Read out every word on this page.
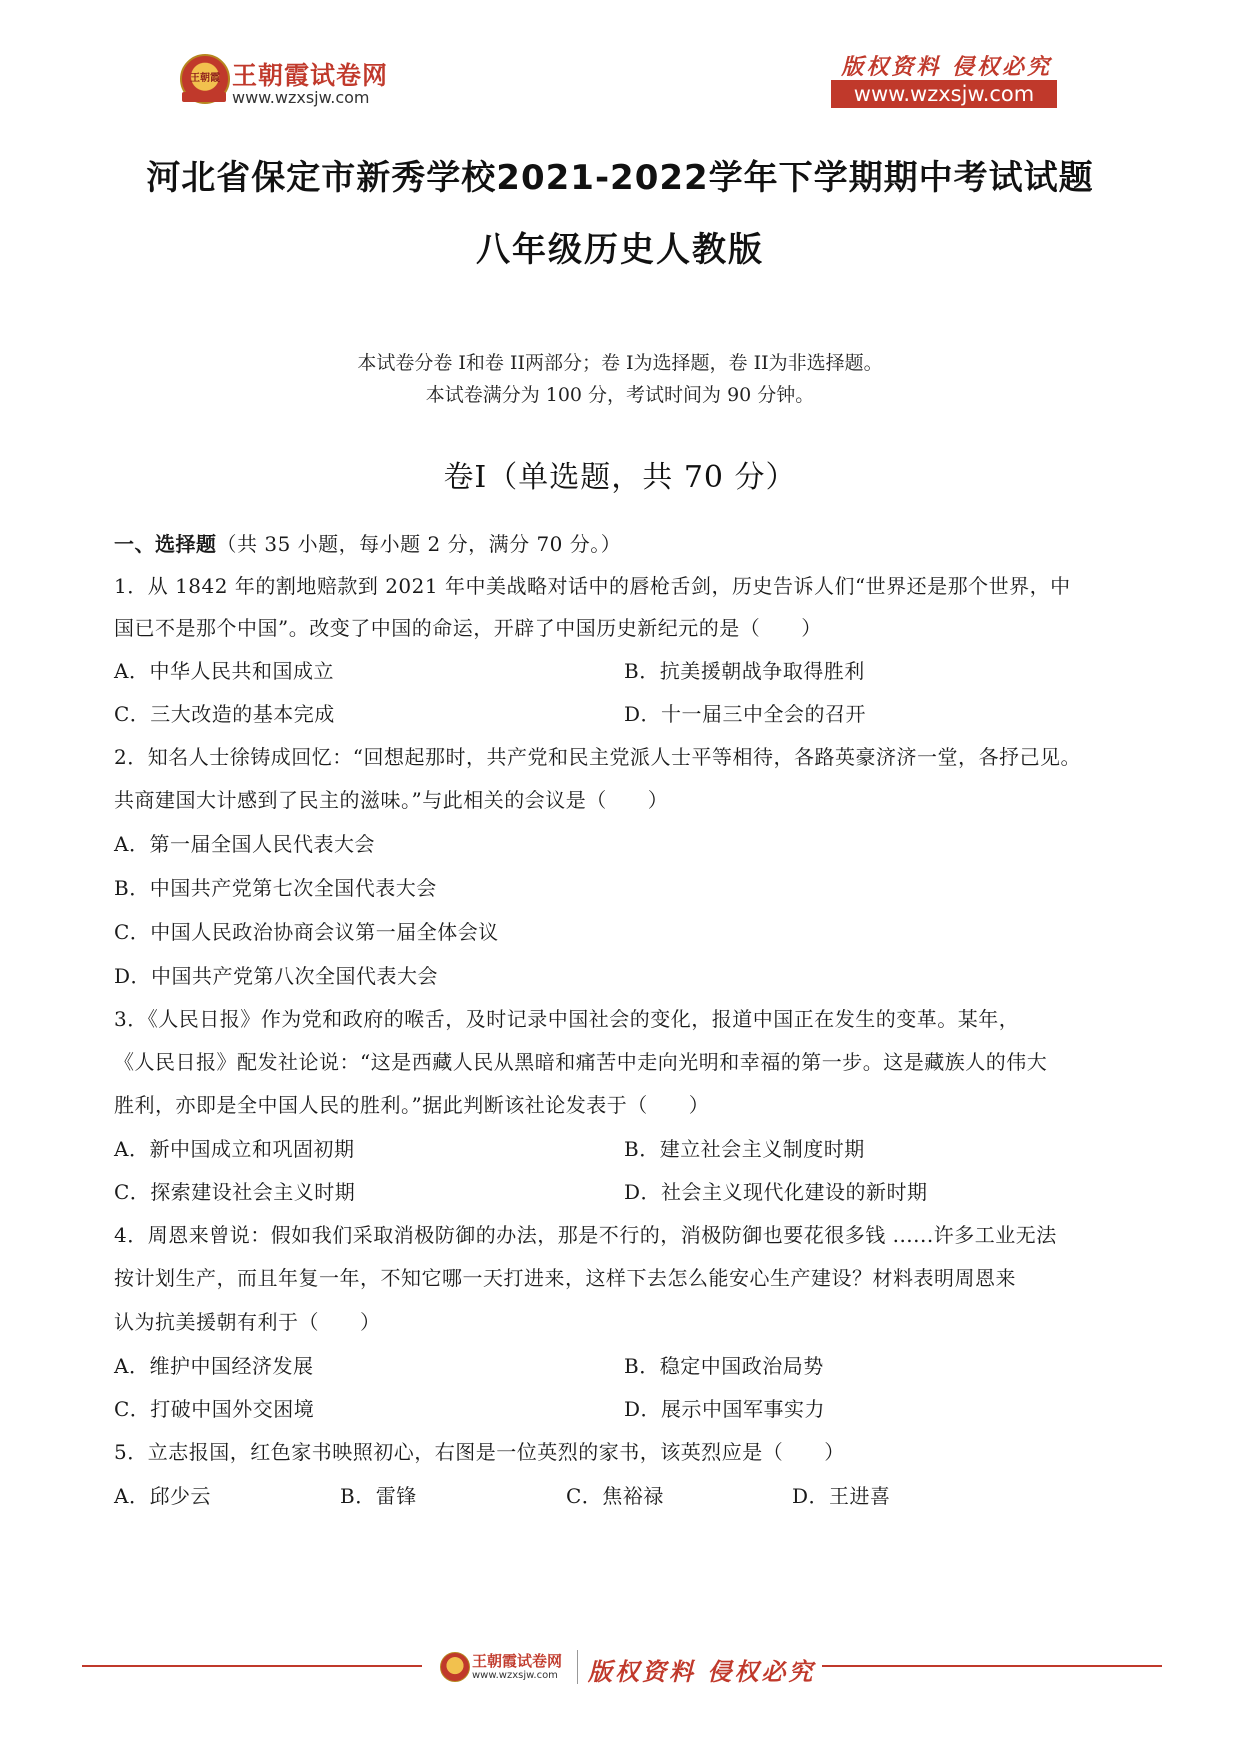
王朝霞 王朝霞试卷网
www.wzxsjw.com
版权资料 侵权必究
www.wzxsjw.com
河北省保定市新秀学校2021-2022学年下学期期中考试试题
八年级历史人教版
本试卷分卷 I和卷 II两部分；卷 I为选择题，卷 II为非选择题。
本试卷满分为 100 分，考试时间为 90 分钟。
卷Ⅰ（单选题，共 70 分）
一、选择题（共 35 小题，每小题 2 分，满分 70 分。）
1．从 1842 年的割地赔款到 2021 年中美战略对话中的唇枪舌剑，历史告诉人们“世界还是那个世界，中
国已不是那个中国”。改变了中国的命运，开辟了中国历史新纪元的是（　　）
A．中华人民共和国成立	B．抗美援朝战争取得胜利
C．三大改造的基本完成	D．十一届三中全会的召开
2．知名人士徐铸成回忆：“回想起那时，共产党和民主党派人士平等相待，各路英豪济济一堂，各抒己见。
共商建国大计感到了民主的滋味。”与此相关的会议是（　　）
A．第一届全国人民代表大会
B．中国共产党第七次全国代表大会
C．中国人民政治协商会议第一届全体会议
D．中国共产党第八次全国代表大会
3．《人民日报》作为党和政府的喉舌，及时记录中国社会的变化，报道中国正在发生的变革。某年，
《人民日报》配发社论说：“这是西藏人民从黑暗和痛苦中走向光明和幸福的第一步。这是藏族人的伟大
胜利，亦即是全中国人民的胜利。”据此判断该社论发表于（　　）
A．新中国成立和巩固初期	B．建立社会主义制度时期
C．探索建设社会主义时期	D．社会主义现代化建设的新时期
4．周恩来曾说：假如我们采取消极防御的办法，那是不行的，消极防御也要花很多钱 ......许多工业无法
按计划生产，而且年复一年，不知它哪一天打进来，这样下去怎么能安心生产建设？材料表明周恩来
认为抗美援朝有利于（　　）
A．维护中国经济发展	B．稳定中国政治局势
C．打破中国外交困境	D．展示中国军事实力
5．立志报国，红色家书映照初心，右图是一位英烈的家书，该英烈应是（　　）
A．邱少云	B．雷锋	C．焦裕禄	D．王进喜
王朝霞试卷网
www.wzxsjw.com 版权资料 侵权必究
